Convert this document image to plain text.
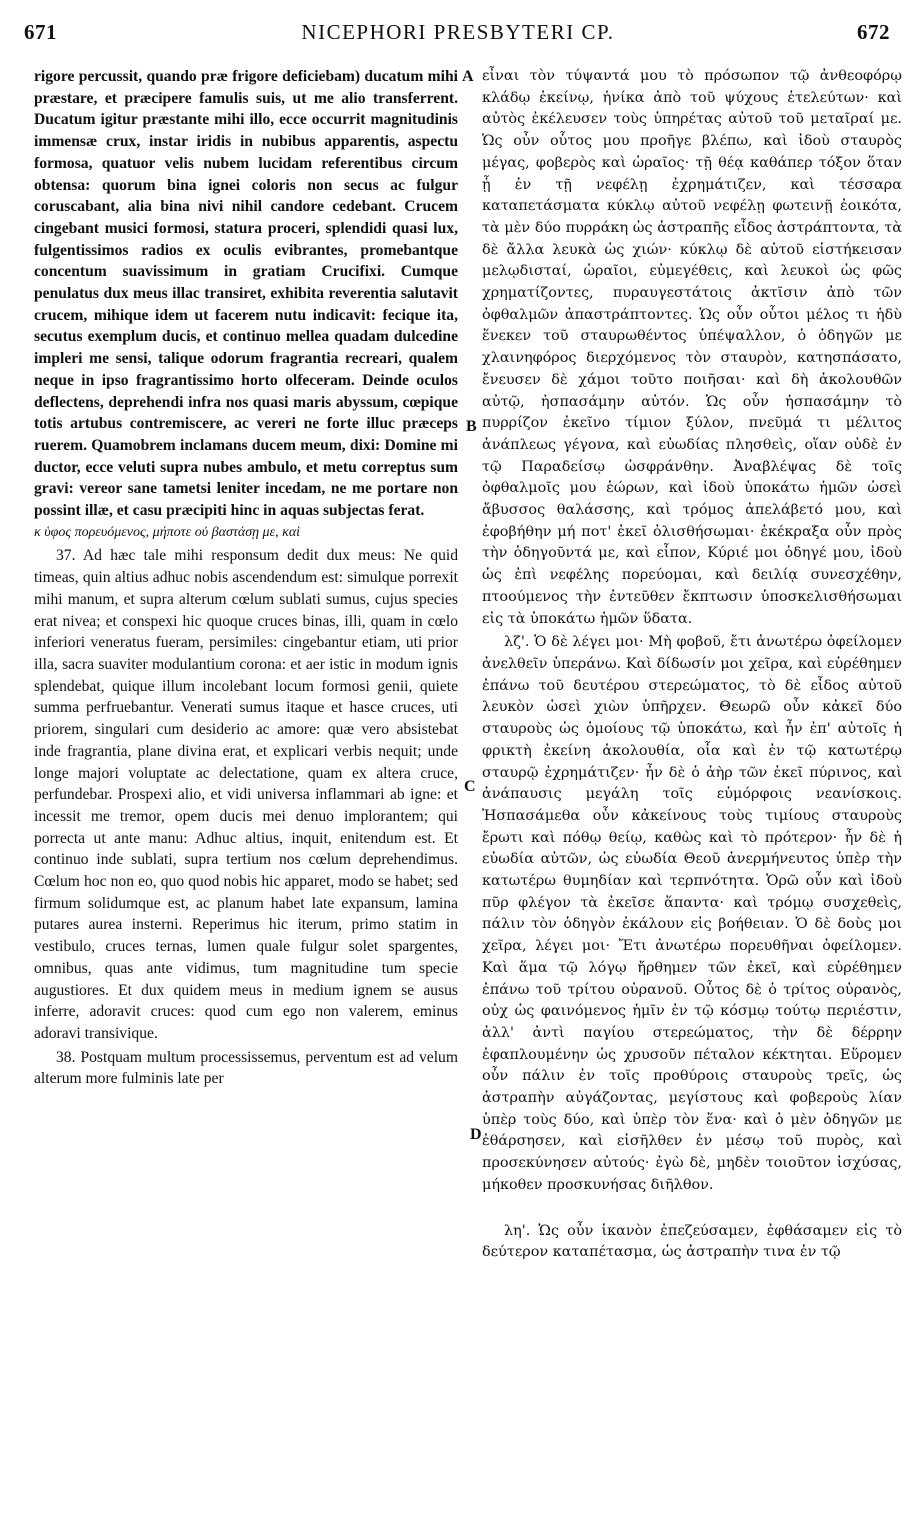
671	NICEPHORI PRESBYTERI CP.	672
A
B
C
D

rigore percussit, quando præ frigore deficiebam) ducatum mihi præstare, et præcipere famulis suis, ut me alio transferrent. Ducatum igitur præstante mihi illo, ecce occurrit magnitudinis immensæ crux, instar iridis in nubibus apparentis, aspectu formosa, quatuor velis nubem lucidam referentibus circum obtensa: quorum bina ignei coloris non secus ac fulgur coruscabant, alia bina nivi nihil candore cedebant. Crucem cingebant musici formosi, statura proceri, splendidi quasi lux, fulgentissimos radios ex oculis evibrantes, promebantque concentum suavissimum in gratiam Crucifixi. Cumque penulatus dux meus illac transiret, exhibita reverentia salutavit crucem, mihique idem ut facerem nutu indicavit: fecique ita, secutus exemplum ducis, et continuo mellea quadam dulcedine impleri me sensi, talique odorum fragrantia recreari, qualem neque in ipso fragrantissimo horto olfeceram. Deinde oculos deflectens, deprehendi infra nos quasi maris abyssum, cœpique totis artubus contremiscere, ac vereri ne forte illuc præceps ruerem. Quamobrem inclamans ducem meum, dixi: Domine mi ductor, ecce veluti supra nubes ambulo, et metu correptus sum gravi: vereor sane tametsi leniter incedam, ne me portare non possint illæ, et casu præcipiti hinc in aquas subjectas ferat.

κ ὑφος πορευόμενος, μήποτε οὐ βαστάσῃ με, καὶ

37. Ad hæc tale mihi responsum dedit dux meus: Ne quid timeas, quin altius adhuc nobis ascendendum est: simulque porrexit mihi manum, et supra alterum cœlum sublati sumus, cujus species erat nivea; et conspexi hic quoque cruces binas, illi, quam in cœlo inferiori veneratus fueram, persimiles: cingebantur etiam, uti prior illa, sacra suaviter modulantium corona: et aer istic in modum ignis splendebat, quique illum incolebant locum formosi genii, quiete summa perfruebantur. Venerati sumus itaque et hasce cruces, uti priorem, singulari cum desiderio ac amore: quæ vero absistebat inde fragrantia, plane divina erat, et explicari verbis nequit; unde longe majori voluptate ac delectatione, quam ex altera cruce, perfundebar. Prospexi alio, et vidi universa inflammari ab igne: et incessit me tremor, opem ducis mei denuo implorantem; qui porrecta ut ante manu: Adhuc altius, inquit, enitendum est. Et continuo inde sublati, supra tertium nos cœlum deprehendimus. Cœlum hoc non eo, quo quod nobis hic apparet, modo se habet; sed firmum solidumque est, ac planum habet late expansum, lamina putares aurea insterni. Reperimus hic iterum, primo statim in vestibulo, cruces ternas, lumen quale fulgur solet spargentes, omnibus, quas ante vidimus, tum magnitudine tum specie augustiores. Et dux quidem meus in medium ignem se ausus inferre, adoravit cruces: quod cum ego non valerem, eminus adoravi transivique.

38. Postquam multum processissemus, perventum est ad velum alterum more fulminis late per

εἶναι τὸν τύψαντά μου τὸ πρόσωπον τῷ ἀνθεοφόρῳ κλάδῳ ἐκείνῳ, ἡνίκα ἀπὸ τοῦ ψύχους ἐτελεύτων· καὶ αὐτὸς ἐκέλευσεν τοὺς ὑπηρέτας αὐτοῦ τοῦ μεταῖραί με. Ὡς οὖν οὗτος μου προῆγε βλέπω, καὶ ἰδοὺ σταυρὸς μέγας, φοβερὸς καὶ ὡραῖος· τῇ θέᾳ καθάπερ τόξον ὅταν ᾖ ἐν τῇ νεφέλῃ ἐχρημάτιζεν, καὶ τέσσαρα καταπετάσματα κύκλῳ αὐτοῦ νεφέλῃ φωτεινῇ ἐοικότα, τὰ μὲν δύο πυρράκη ὡς ἀστραπῆς εἶδος ἀστράπτοντα, τὰ δὲ ἄλλα λευκὰ ὡς χιών· κύκλῳ δὲ αὐτοῦ εἱστήκεισαν μελῳδισταί, ὡραῖοι, εὐμεγέθεις, καὶ λευκοὶ ὡς φῶς χρηματίζοντες, πυραυγεστάτοις ἀκτῖσιν ἀπὸ τῶν ὀφθαλμῶν ἀπαστράπτοντες. Ὡς οὖν οὗτοι μέλος τι ἡδὺ ἕνεκεν τοῦ σταυρωθέντος ὑπέψαλλον, ὁ ὁδηγῶν με χλαινηφόρος διερχόμενος τὸν σταυρὸν, κατησπάσατο, ἔνευσεν δὲ χάμοι τοῦτο ποιῆσαι· καὶ δὴ ἀκολουθῶν αὐτῷ, ἠσπασάμην αὐτόν. Ὡς οὖν ἠσπασάμην τὸ πυρρίζον ἐκεῖνο τίμιον ξύλον, πνεῦμά τι μέλιτος ἀνάπλεως γέγονα, καὶ εὐωδίας πλησθεὶς, οἵαν οὐδὲ ἐν τῷ Παραδείσῳ ὠσφράνθην. Ἀναβλέψας δὲ τοῖς ὀφθαλμοῖς μου ἑώρων, καὶ ἰδοὺ ὑποκάτω ἡμῶν ὡσεὶ ἄβυσσος θαλάσσης, καὶ τρόμος ἀπελάβετό μου, καὶ ἐφοβήθην μή ποτ' ἐκεῖ ὀλισθήσωμαι· ἐκέκραξα οὖν πρὸς τὴν ὁδηγοῦντά με, καὶ εἶπον, Κύριέ μοι ὁδηγέ μου, ἰδοὺ ὡς ἐπὶ νεφέλης πορεύομαι, καὶ δειλίᾳ συνεσχέθην, πτοούμενος τὴν ἐντεῦθεν ἔκπτωσιν ὑποσκελισθήσωμαι εἰς τὰ ὑποκάτω ἡμῶν ὕδατα.

λζ'. Ὁ δὲ λέγει μοι· Μὴ φοβοῦ, ἔτι ἀνωτέρω ὀφείλομεν ἀνελθεῖν ὑπεράνω. Καὶ δίδωσίν μοι χεῖρα, καὶ εὑρέθημεν ἐπάνω τοῦ δευτέρου στερεώματος, τὸ δὲ εἶδος αὐτοῦ λευκὸν ὡσεὶ χιὼν ὑπῆρχεν. Θεωρῶ οὖν κἀκεῖ δύο σταυροὺς ὡς ὁμοίους τῷ ὑποκάτω, καὶ ἦν ἐπ' αὐτοῖς ἡ φρικτὴ ἐκείνη ἀκολουθία, οἷα καὶ ἐν τῷ κατωτέρῳ σταυρῷ ἐχρημάτιζεν· ἦν δὲ ὁ ἀὴρ τῶν ἐκεῖ πύρινος, καὶ ἀνάπαυσις μεγάλη τοῖς εὐμόρφοις νεανίσκοις. Ἠσπασάμεθα οὖν κἀκείνους τοὺς τιμίους σταυροὺς ἔρωτι καὶ πόθῳ θείῳ, καθὼς καὶ τὸ πρότερον· ἦν δὲ ἡ εὐωδία αὐτῶν, ὡς εὐωδία Θεοῦ ἀνερμήνευτος ὑπὲρ τὴν κατωτέρω θυμηδίαν καὶ τερπνότητα. Ὁρῶ οὖν καὶ ἰδοὺ πῦρ φλέγον τὰ ἐκεῖσε ἅπαντα· καὶ τρόμῳ συσχεθεὶς, πάλιν τὸν ὁδηγὸν ἐκάλουν εἰς βοήθειαν. Ὁ δὲ δοὺς μοι χεῖρα, λέγει μοι· Ἔτι ἀνωτέρω πορευθῆναι ὀφείλομεν. Καὶ ἅμα τῷ λόγῳ ἤρθημεν τῶν ἐκεῖ, καὶ εὑρέθημεν ἐπάνω τοῦ τρίτου οὐρανοῦ. Οὗτος δὲ ὁ τρίτος οὐρανὸς, οὐχ ὡς φαινόμενος ἡμῖν ἐν τῷ κόσμῳ τούτῳ περιέστιν, ἀλλ' ἀντὶ παγίου στερεώματος, τὴν δὲ δέρρην ἐφαπλουμένην ὡς χρυσοῦν πέταλον κέκτηται. Εὕρομεν οὖν πάλιν ἐν τοῖς προθύροις σταυροὺς τρεῖς, ὡς ἀστραπὴν αὐγάζοντας, μεγίστους καὶ φοβεροὺς λίαν ὑπὲρ τοὺς δύο, καὶ ὑπὲρ τὸν ἕνα· καὶ ὁ μὲν ὁδηγῶν με ἐθάρσησεν, καὶ εἰσῆλθεν ἐν μέσῳ τοῦ πυρὸς, καὶ προσεκύνησεν αὐτούς· ἐγὼ δὲ, μηδὲν τοιοῦτον ἰσχύσας, μήκοθεν προσκυνήσας διῆλθον.

λη'. Ὡς οὖν ἱκανὸν ἐπεζεύσαμεν, ἐφθάσαμεν εἰς τὸ δεύτερον καταπέτασμα, ὡς ἀστραπὴν τινα ἐν τῷ
